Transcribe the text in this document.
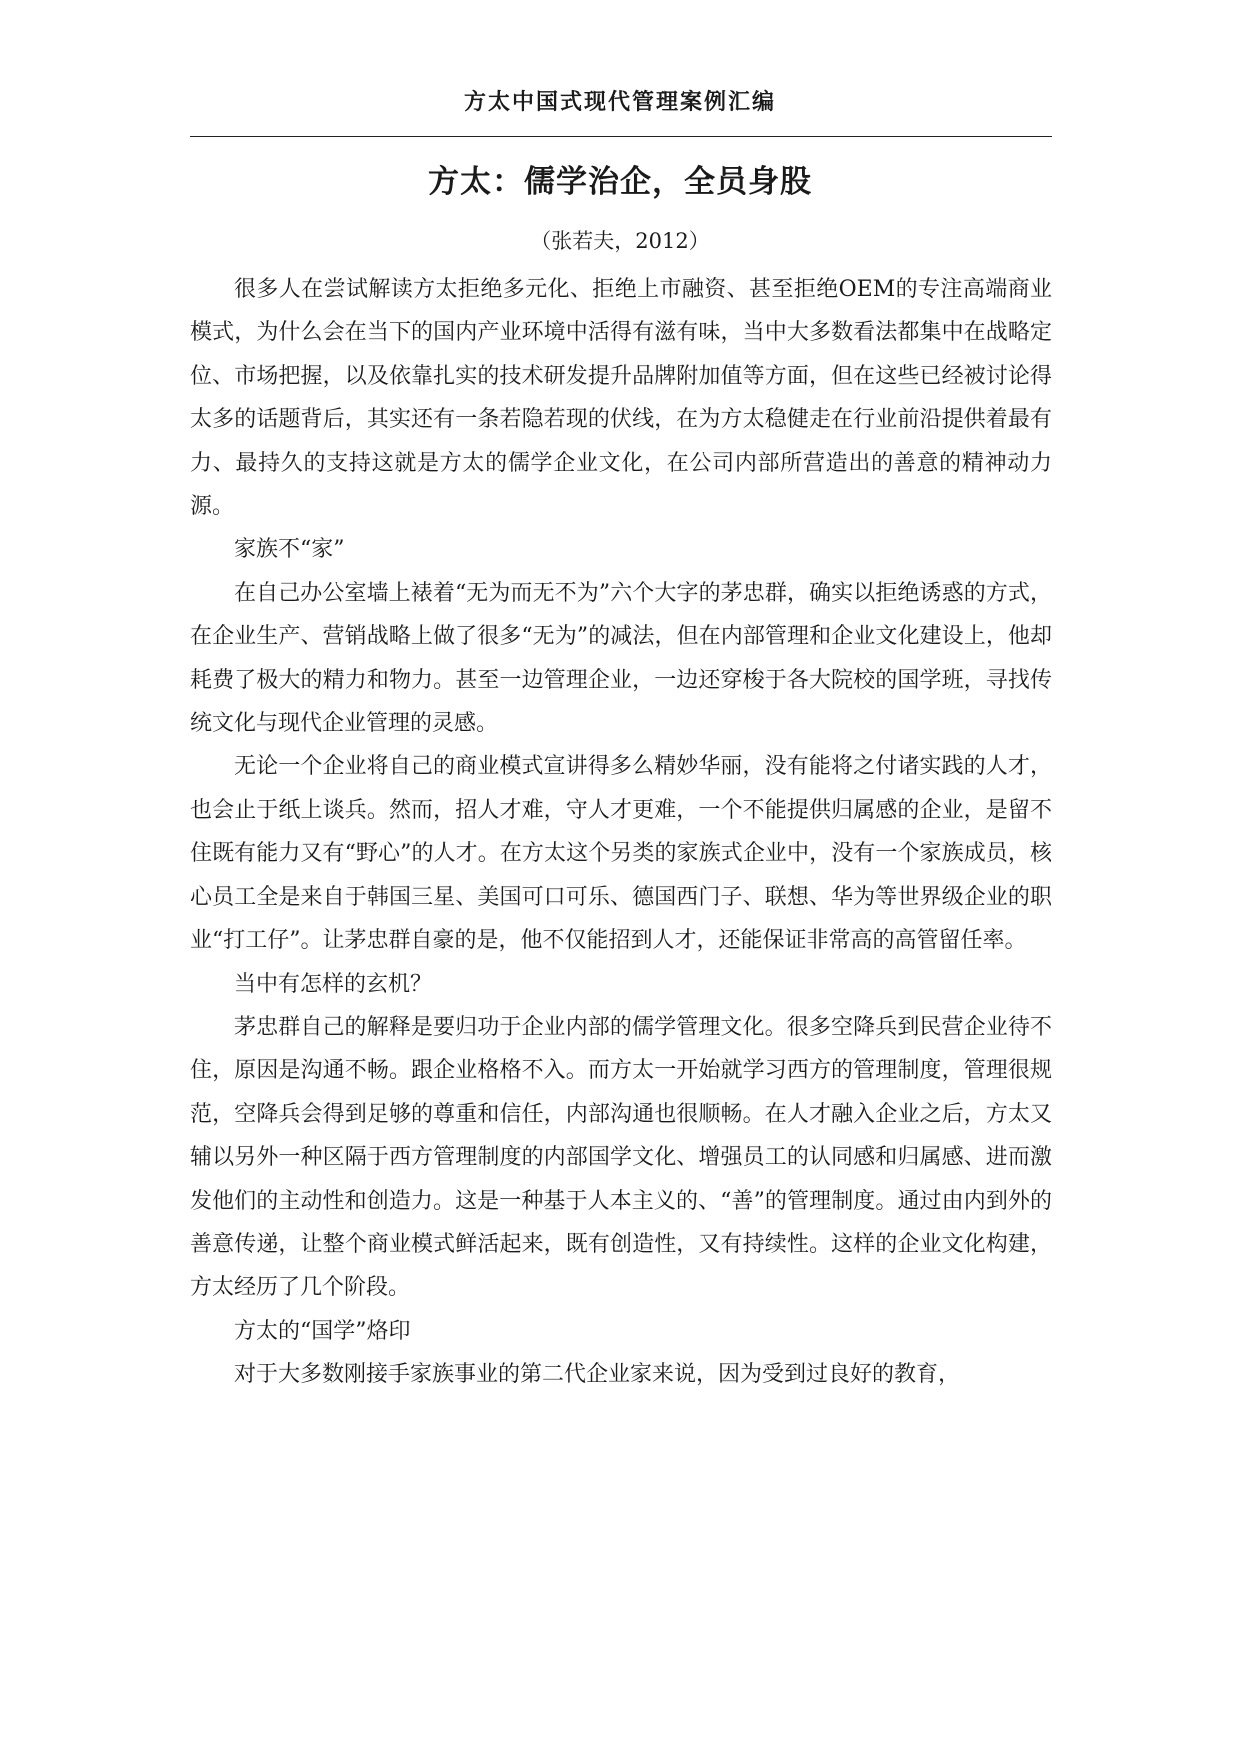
方太中国式现代管理案例汇编
方太：儒学治企，全员身股
（张若夫，2012）

很多人在尝试解读方太拒绝多元化、拒绝上市融资、甚至拒绝OEM的专注高端商业模式，为什么会在当下的国内产业环境中活得有滋有味，当中大多数看法都集中在战略定位、市场把握，以及依靠扎实的技术研发提升品牌附加值等方面，但在这些已经被讨论得太多的话题背后，其实还有一条若隐若现的伏线，在为方太稳健走在行业前沿提供着最有力、最持久的支持这就是方太的儒学企业文化，在公司内部所营造出的善意的精神动力源。

家族不“家”

在自己办公室墙上裱着“无为而无不为”六个大字的茅忠群，确实以拒绝诱惑的方式，在企业生产、营销战略上做了很多“无为”的减法，但在内部管理和企业文化建设上，他却耗费了极大的精力和物力。甚至一边管理企业，一边还穿梭于各大院校的国学班，寻找传统文化与现代企业管理的灵感。

无论一个企业将自己的商业模式宣讲得多么精妙华丽，没有能将之付诸实践的人才，也会止于纸上谈兵。然而，招人才难，守人才更难，一个不能提供归属感的企业，是留不住既有能力又有“野心”的人才。在方太这个另类的家族式企业中，没有一个家族成员，核心员工全是来自于韩国三星、美国可口可乐、德国西门子、联想、华为等世界级企业的职业“打工仔”。让茅忠群自豪的是，他不仅能招到人才，还能保证非常高的高管留任率。

当中有怎样的玄机？

茅忠群自己的解释是要归功于企业内部的儒学管理文化。很多空降兵到民营企业待不住，原因是沟通不畅。跟企业格格不入。而方太一开始就学习西方的管理制度，管理很规范，空降兵会得到足够的尊重和信任，内部沟通也很顺畅。在人才融入企业之后，方太又辅以另外一种区隔于西方管理制度的内部国学文化、增强员工的认同感和归属感、进而激发他们的主动性和创造力。这是一种基于人本主义的、“善”的管理制度。通过由内到外的善意传递，让整个商业模式鲜活起来，既有创造性，又有持续性。这样的企业文化构建，方太经历了几个阶段。

方太的“国学”烙印

对于大多数刚接手家族事业的第二代企业家来说，因为受到过良好的教育，
